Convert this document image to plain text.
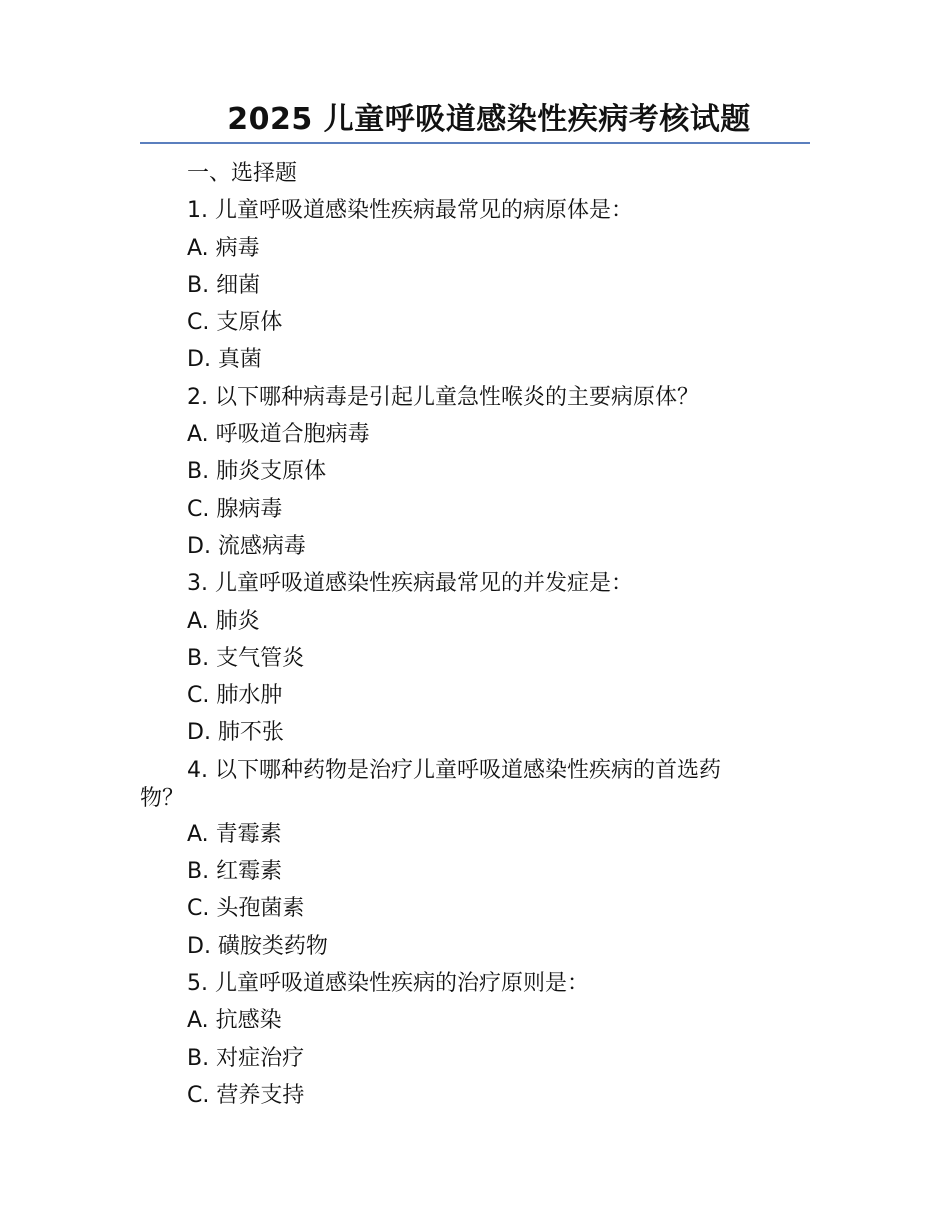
2025 儿童呼吸道感染性疾病考核试题
一、选择题
1. 儿童呼吸道感染性疾病最常见的病原体是：
A. 病毒
B. 细菌
C. 支原体
D. 真菌
2. 以下哪种病毒是引起儿童急性喉炎的主要病原体？
A. 呼吸道合胞病毒
B. 肺炎支原体
C. 腺病毒
D. 流感病毒
3. 儿童呼吸道感染性疾病最常见的并发症是：
A. 肺炎
B. 支气管炎
C. 肺水肿
D. 肺不张
4. 以下哪种药物是治疗儿童呼吸道感染性疾病的首选药
物？
A. 青霉素
B. 红霉素
C. 头孢菌素
D. 磺胺类药物
5. 儿童呼吸道感染性疾病的治疗原则是：
A. 抗感染
B. 对症治疗
C. 营养支持
